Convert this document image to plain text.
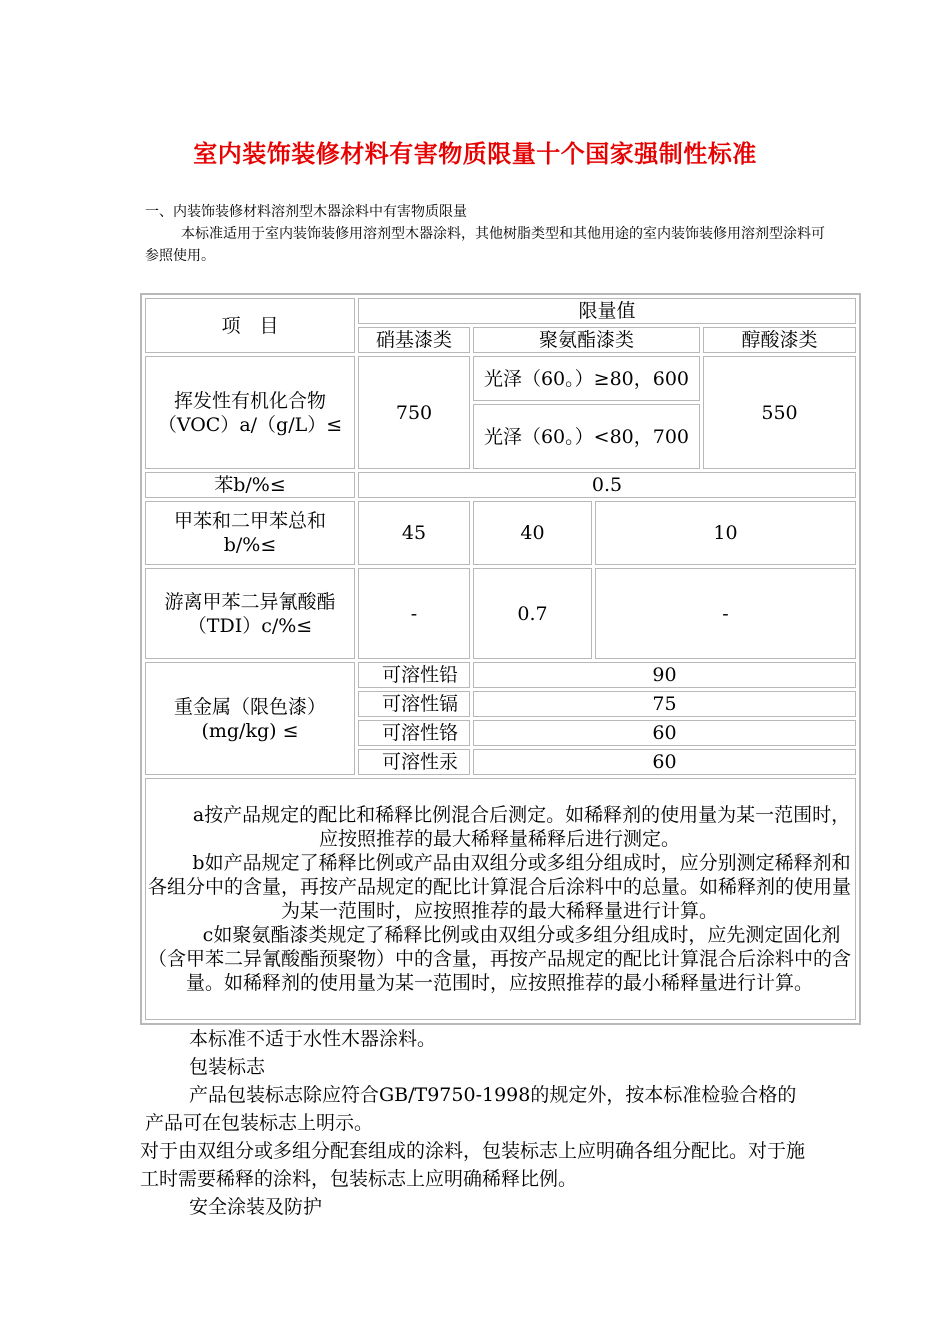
室内装饰装修材料有害物质限量十个国家强制性标准
一、内装饰装修材料溶剂型木器涂料中有害物质限量
本标准适用于室内装饰装修用溶剂型木器涂料，其他树脂类型和其他用途的室内装饰装修用溶剂型涂料可参照使用。
项　目	限量值			
	硝基漆类	聚氨酯漆类		醇酸漆类

挥发性有机化合物
（VOC）a/（g/L）≤	750	光泽（60。）≥80，600		550
		光泽（60。）<80，700		
苯b/%≤	0.5			

甲苯和二甲苯总和
b/%≤	45	40	10	

游离甲苯二异氰酸酯
（TDI）c/%≤	-	0.7	-	

重金属（限色漆）
(mg/kg) ≤	可溶性铅	90		
	可溶性镉	75		
	可溶性铬	60		
	可溶性汞	60		

a按产品规定的配比和稀释比例混合后测定。如稀释剂的使用量为某一范围时，应按照推荐的最大稀释量稀释后进行测定。

b如产品规定了稀释比例或产品由双组分或多组分组成时，应分别测定稀释剂和各组分中的含量，再按产品规定的配比计算混合后涂料中的总量。如稀释剂的使用量为某一范围时，应按照推荐的最大稀释量进行计算。

c如聚氨酯漆类规定了稀释比例或由双组分或多组分组成时，应先测定固化剂（含甲苯二异氰酸酯预聚物）中的含量，再按产品规定的配比计算混合后涂料中的含量。如稀释剂的使用量为某一范围时，应按照推荐的最小稀释量进行计算。				

本标准不适于水性木器涂料。

包装标志

产品包装标志除应符合GB/T9750-1998的规定外，按本标准检验合格的产品可在包装标志上明示。

对于由双组分或多组分配套组成的涂料，包装标志上应明确各组分配比。对于施工时需要稀释的涂料，包装标志上应明确稀释比例。

安全涂装及防护
